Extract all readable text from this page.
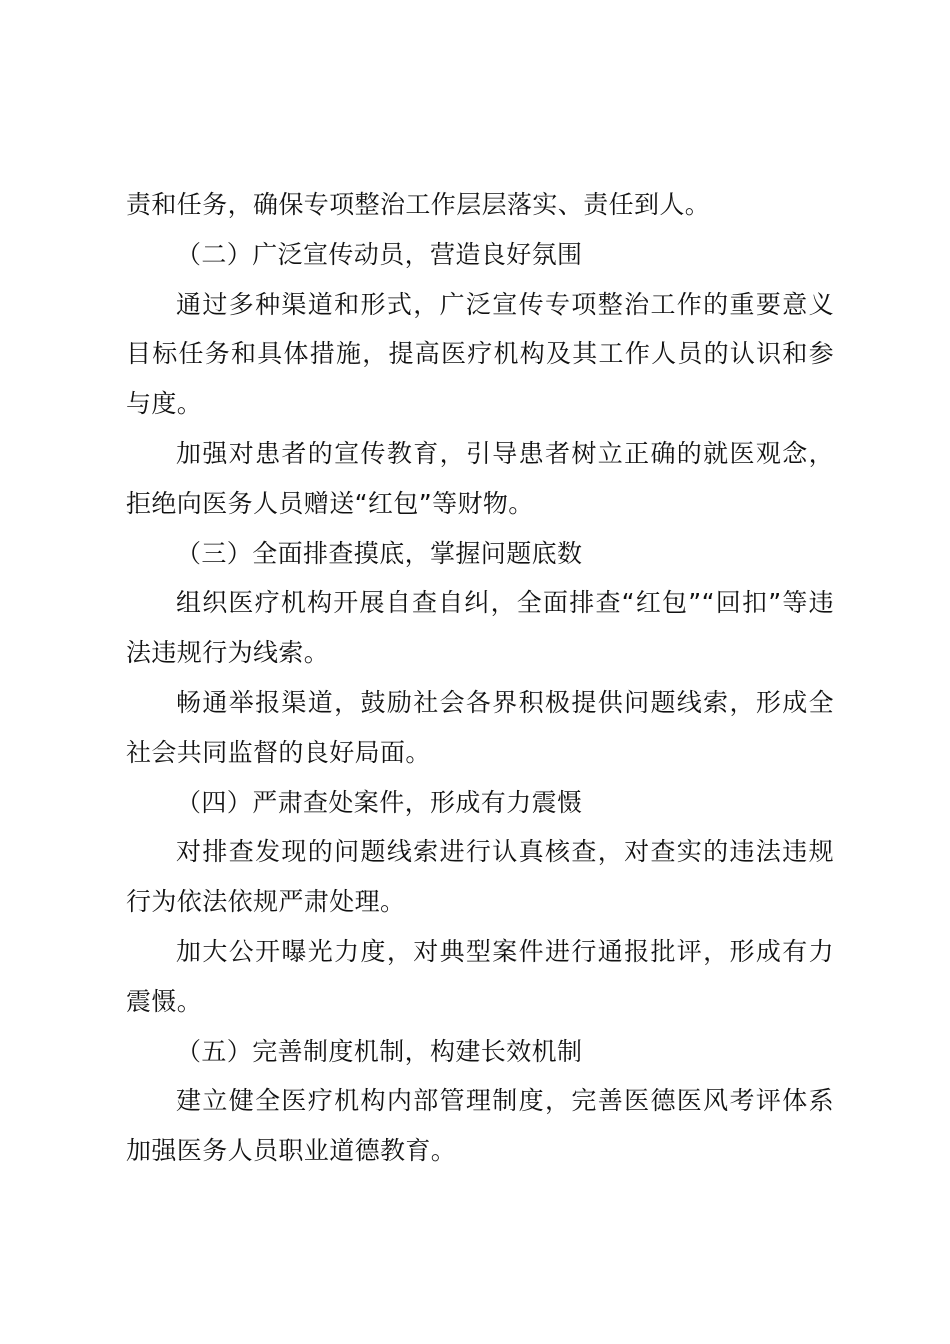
责和任务，确保专项整治工作层层落实、责任到人。

（二）广泛宣传动员，营造良好氛围

通过多种渠道和形式，广泛宣传专项整治工作的重要意义目标任务和具体措施，提高医疗机构及其工作人员的认识和参与度。

加强对患者的宣传教育，引导患者树立正确的就医观念，拒绝向医务人员赠送“红包”等财物。

（三）全面排查摸底，掌握问题底数

组织医疗机构开展自查自纠，全面排查“红包”“回扣”等违法违规行为线索。

畅通举报渠道，鼓励社会各界积极提供问题线索，形成全社会共同监督的良好局面。

（四）严肃查处案件，形成有力震慑

对排查发现的问题线索进行认真核查，对查实的违法违规行为依法依规严肃处理。

加大公开曝光力度，对典型案件进行通报批评，形成有力震慑。

（五）完善制度机制，构建长效机制

建立健全医疗机构内部管理制度，完善医德医风考评体系加强医务人员职业道德教育。
